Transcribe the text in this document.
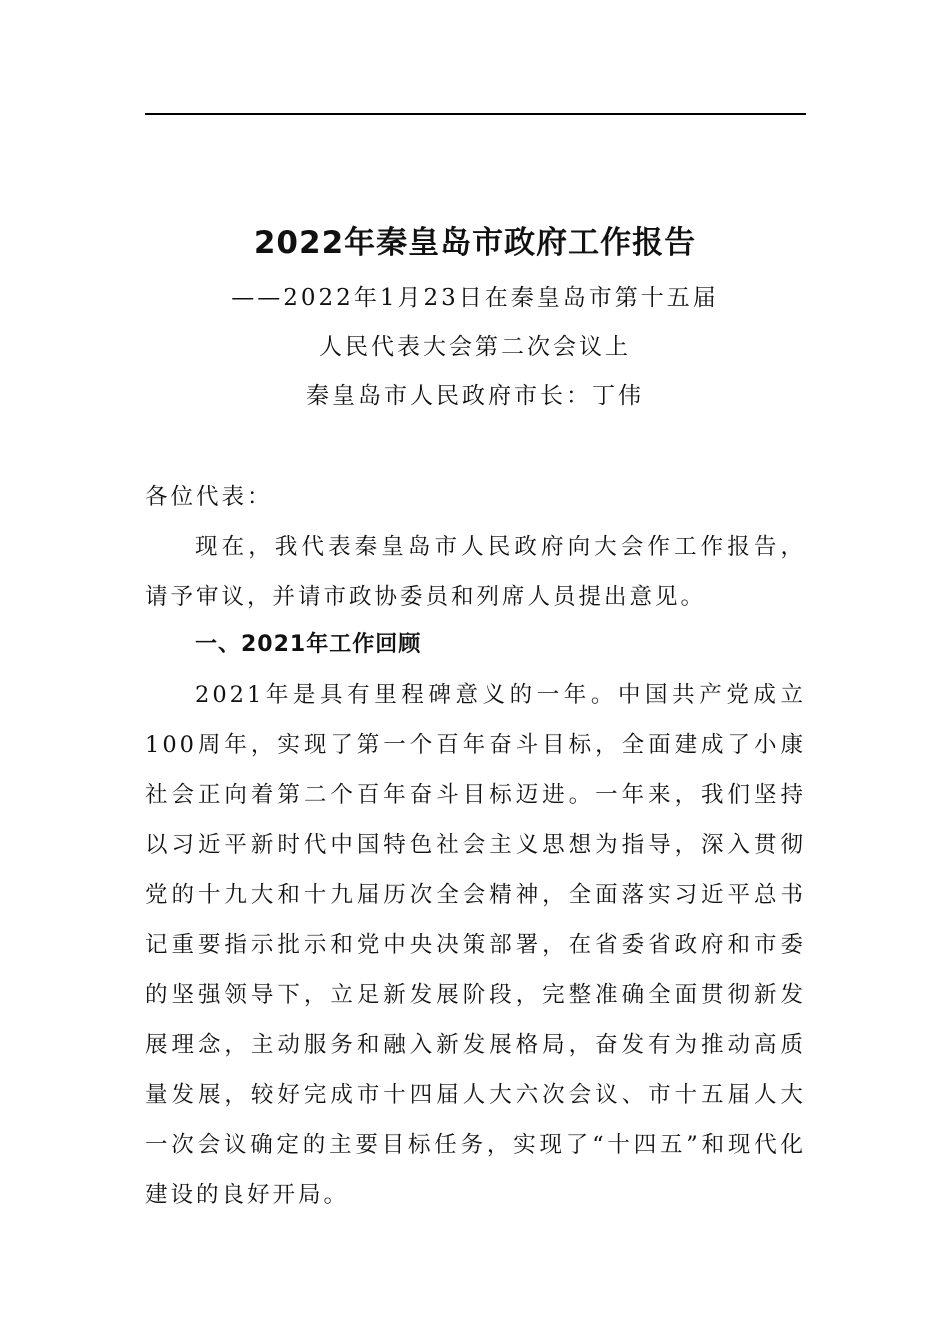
2022年秦皇岛市政府工作报告
——2022年1月23日在秦皇岛市第十五届
人民代表大会第二次会议上
秦皇岛市人民政府市长：丁伟
各位代表：
现在，我代表秦皇岛市人民政府向大会作工作报告，请予审议，并请市政协委员和列席人员提出意见。
一、2021年工作回顾
2021年是具有里程碑意义的一年。中国共产党成立100周年，实现了第一个百年奋斗目标，全面建成了小康社会正向着第二个百年奋斗目标迈进。一年来，我们坚持以习近平新时代中国特色社会主义思想为指导，深入贯彻党的十九大和十九届历次全会精神，全面落实习近平总书记重要指示批示和党中央决策部署，在省委省政府和市委的坚强领导下，立足新发展阶段，完整准确全面贯彻新发展理念，主动服务和融入新发展格局，奋发有为推动高质量发展，较好完成市十四届人大六次会议、市十五届人大一次会议确定的主要目标任务，实现了“十四五”和现代化建设的良好开局。
